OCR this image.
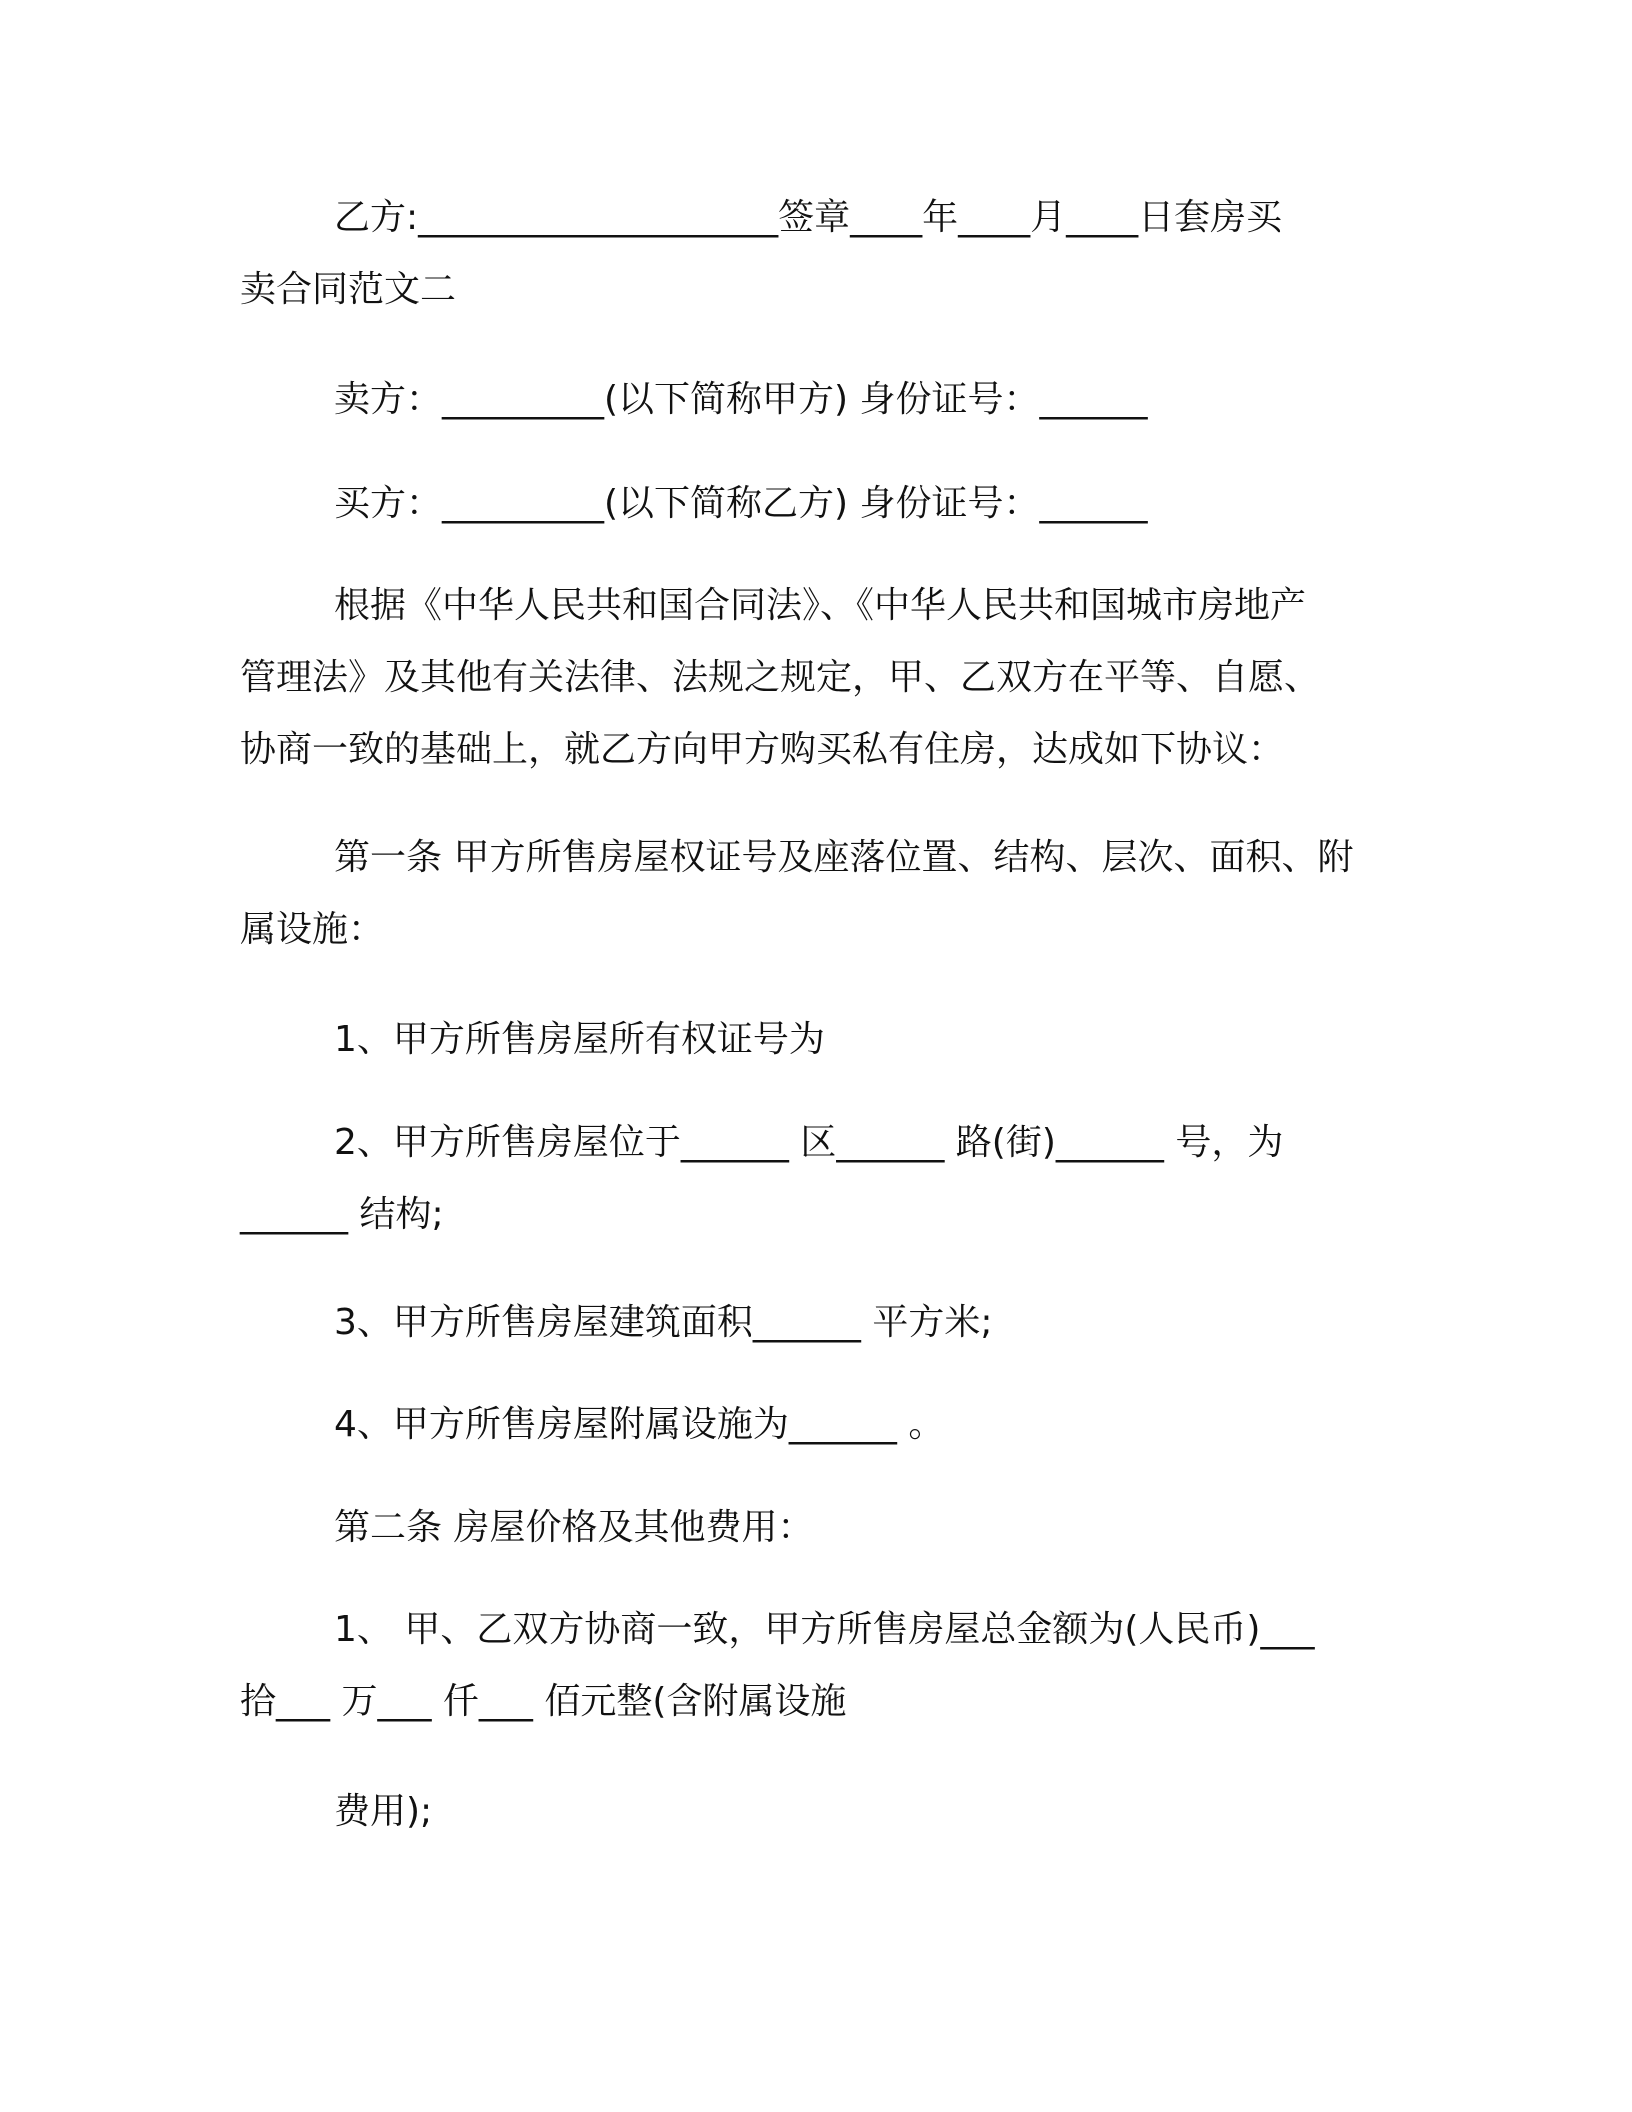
乙方:____________________签章____年____月____日套房买
卖合同范文二

卖方：_________(以下简称甲方) 身份证号：______

买方：_________(以下简称乙方) 身份证号：______

根据《中华人民共和国合同法》、《中华人民共和国城市房地产
管理法》及其他有关法律、法规之规定，甲、乙双方在平等、自愿、
协商一致的基础上，就乙方向甲方购买私有住房，达成如下协议：

第一条 甲方所售房屋权证号及座落位置、结构、层次、面积、附
属设施：

1、甲方所售房屋所有权证号为

2、甲方所售房屋位于______ 区______ 路(街)______ 号，为
______ 结构;

3、甲方所售房屋建筑面积______ 平方米;

4、甲方所售房屋附属设施为______ 。

第二条 房屋价格及其他费用：

1、 甲、乙双方协商一致，甲方所售房屋总金额为(人民币)___
拾___ 万___ 仟___ 佰元整(含附属设施

费用);
